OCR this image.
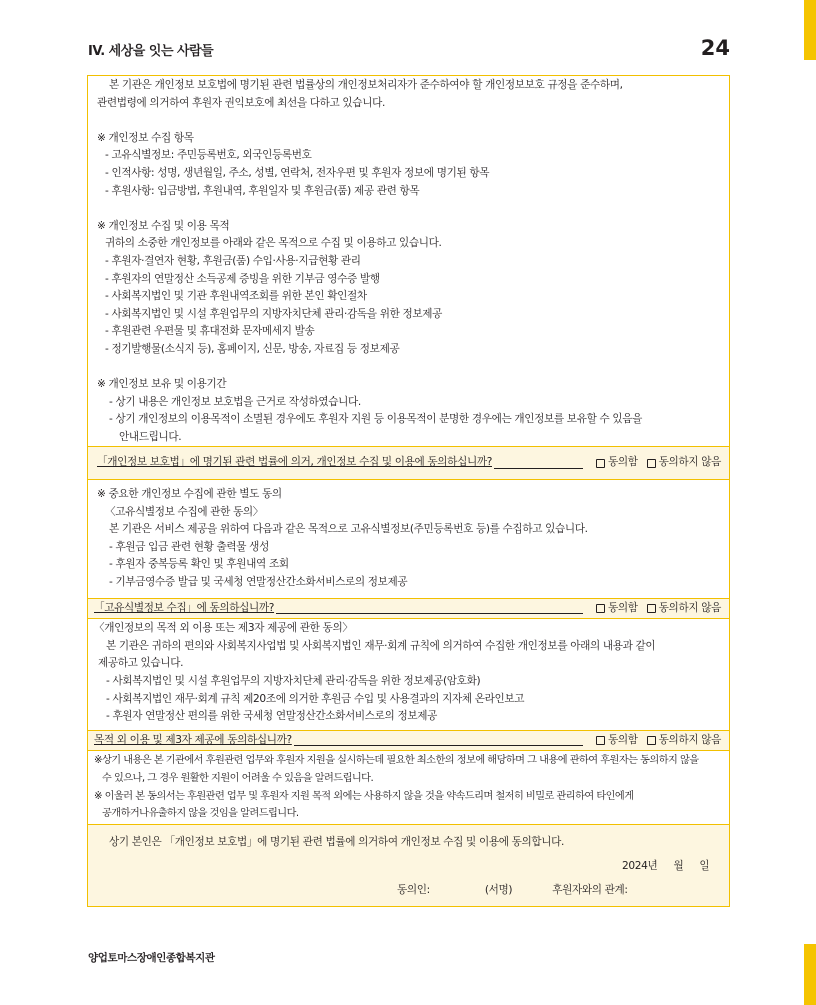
IV. 세상을 잇는 사람들	24
본 기관은 개인정보 보호법에 명기된 관련 법률상의 개인정보처리자가 준수하여야 할 개인정보보호 규정을 준수하며,
관련법령에 의거하여 후원자 권익보호에 최선을 다하고 있습니다.
※ 개인정보 수집 항목
- 고유식별정보: 주민등록번호, 외국인등록번호
- 인적사항: 성명, 생년월일, 주소, 성별, 연락처, 전자우편 및 후원자 정보에 명기된 항목
- 후원사항: 입금방법, 후원내역, 후원일자 및 후원금(품) 제공 관련 항목
※ 개인정보 수집 및 이용 목적
귀하의 소중한 개인정보를 아래와 같은 목적으로 수집 및 이용하고 있습니다.
- 후원자·결연자 현황, 후원금(품) 수입·사용·지급현황 관리
- 후원자의 연말정산 소득공제 증빙을 위한 기부금 영수증 발행
- 사회복지법인 및 기관 후원내역조회를 위한 본인 확인절차
- 사회복지법인 및 시설 후원업무의 지방자치단체 관리·감독을 위한 정보제공
- 후원관련 우편물 및 휴대전화 문자메세지 발송
- 정기발행물(소식지 등), 홈페이지, 신문, 방송, 자료집 등 정보제공
※ 개인정보 보유 및 이용기간
- 상기 내용은 개인정보 보호법을 근거로 작성하였습니다.
- 상기 개인정보의 이용목적이 소멸된 경우에도 후원자 지원 등 이용목적이 분명한 경우에는 개인정보를 보유할 수 있음을
안내드립니다.
「개인정보 보호법」에 명기된 관련 법률에 의거, 개인정보 수집 및 이용에 동의하십니까?	동의함 동의하지 않음
※ 중요한 개인정보 수집에 관한 별도 동의
〈고유식별정보 수집에 관한 동의〉
본 기관은 서비스 제공을 위하여 다음과 같은 목적으로 고유식별정보(주민등록번호 등)를 수집하고 있습니다.
- 후원금 입금 관련 현황 출력물 생성
- 후원자 중복등록 확인 및 후원내역 조회
- 기부금영수증 발급 및 국세청 연말정산간소화서비스로의 정보제공
「고유식별정보 수집」에 동의하십니까?	동의함 동의하지 않음
〈개인정보의 목적 외 이용 또는 제3자 제공에 관한 동의〉
본 기관은 귀하의 편의와 사회복지사업법 및 사회복지법인 재무·회계 규칙에 의거하여 수집한 개인정보를 아래의 내용과 같이
제공하고 있습니다.
- 사회복지법인 및 시설 후원업무의 지방자치단체 관리·감독을 위한 정보제공(암호화)
- 사회복지법인 재무·회계 규칙 제20조에 의거한 후원금 수입 및 사용결과의 지자체 온라인보고
- 후원자 연말정산 편의를 위한 국세청 연말정산간소화서비스로의 정보제공
목적 외 이용 및 제3자 제공에 동의하십니까?	동의함 동의하지 않음
※상기 내용은 본 기관에서 후원관련 업무와 후원자 지원을 실시하는데 필요한 최소한의 정보에 해당하며 그 내용에 관하여 후원자는 동의하지 않을
수 있으나, 그 경우 원활한 지원이 어려울 수 있음을 알려드립니다.
※ 이울러 본 동의서는 후원관련 업무 및 후원자 지원 목적 외에는 사용하지 않을 것을 약속드리며 철저히 비밀로 관리하여 타인에게
공개하거나유출하지 않을 것임을 알려드립니다.
상기 본인은 「개인정보 보호법」에 명기된 관련 법률에 의거하여 개인정보 수집 및 이용에 동의합니다.
2024년 월 일
동의인:	(서명)	후원자와의 관계:
양업토마스장애인종합복지관
